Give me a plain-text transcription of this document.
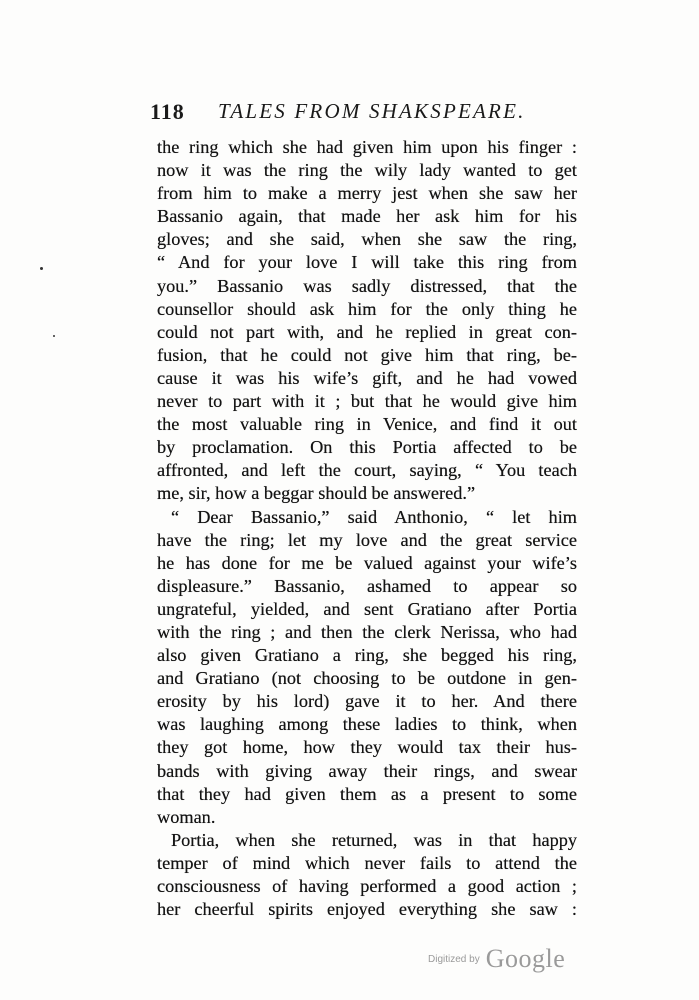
118 TALES FROM SHAKSPEARE.
the ring which she had given him upon his finger :
now it was the ring the wily lady wanted to get
from him to make a merry jest when she saw her
Bassanio again, that made her ask him for his
gloves; and she said, when she saw the ring,
“ And for your love I will take this ring from
you.” Bassanio was sadly distressed, that the
counsellor should ask him for the only thing he
could not part with, and he replied in great con-
fusion, that he could not give him that ring, be-
cause it was his wife’s gift, and he had vowed
never to part with it ; but that he would give him
the most valuable ring in Venice, and find it out
by proclamation. On this Portia affected to be
affronted, and left the court, saying, “ You teach
me, sir, how a beggar should be answered.”
“ Dear Bassanio,” said Anthonio, “ let him
have the ring; let my love and the great service
he has done for me be valued against your wife’s
displeasure.” Bassanio, ashamed to appear so
ungrateful, yielded, and sent Gratiano after Portia
with the ring ; and then the clerk Nerissa, who had
also given Gratiano a ring, she begged his ring,
and Gratiano (not choosing to be outdone in gen-
erosity by his lord) gave it to her. And there
was laughing among these ladies to think, when
they got home, how they would tax their hus-
bands with giving away their rings, and swear
that they had given them as a present to some
woman.
Portia, when she returned, was in that happy
temper of mind which never fails to attend the
consciousness of having performed a good action ;
her cheerful spirits enjoyed everything she saw :
Digitized by Google
